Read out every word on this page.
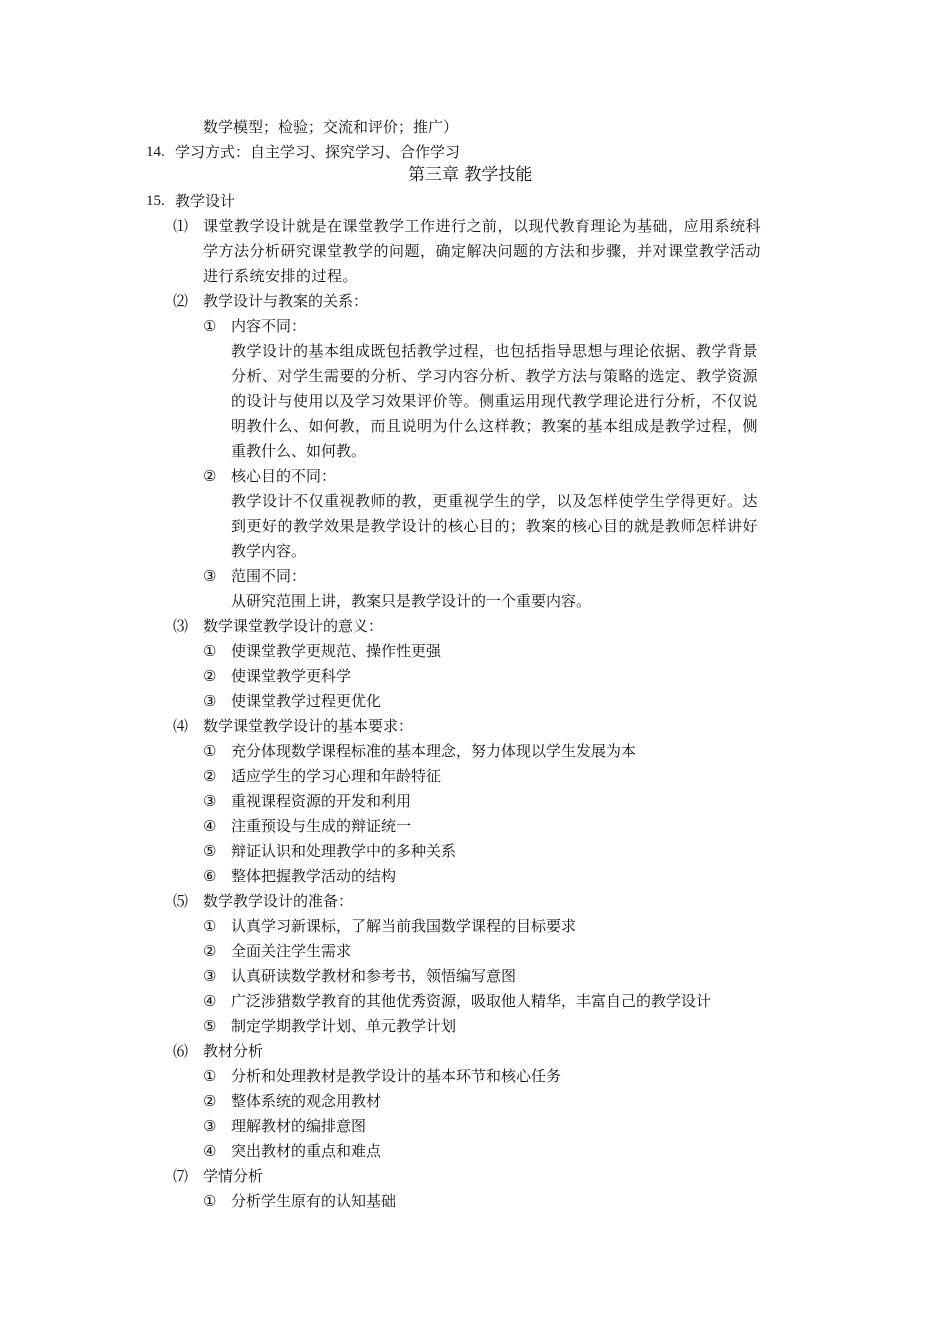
数学模型；检验；交流和评价；推广）
14. 学习方式：自主学习、探究学习、合作学习
第三章 教学技能
15. 教学设计
⑴ 课堂教学设计就是在课堂教学工作进行之前，以现代教育理论为基础，应用系统科
学方法分析研究课堂教学的问题，确定解决问题的方法和步骤，并对课堂教学活动
进行系统安排的过程。
⑵ 教学设计与教案的关系：
① 内容不同：
教学设计的基本组成既包括教学过程，也包括指导思想与理论依据、教学背景
分析、对学生需要的分析、学习内容分析、教学方法与策略的选定、教学资源
的设计与使用以及学习效果评价等。侧重运用现代教学理论进行分析，不仅说
明教什么、如何教，而且说明为什么这样教；教案的基本组成是教学过程，侧
重教什么、如何教。
② 核心目的不同：
教学设计不仅重视教师的教，更重视学生的学，以及怎样使学生学得更好。达
到更好的教学效果是教学设计的核心目的；教案的核心目的就是教师怎样讲好
教学内容。
③ 范围不同：
从研究范围上讲，教案只是教学设计的一个重要内容。
⑶ 数学课堂教学设计的意义：
① 使课堂教学更规范、操作性更强
② 使课堂教学更科学
③ 使课堂教学过程更优化
⑷ 数学课堂教学设计的基本要求：
① 充分体现数学课程标准的基本理念，努力体现以学生发展为本
② 适应学生的学习心理和年龄特征
③ 重视课程资源的开发和利用
④ 注重预设与生成的辩证统一
⑤ 辩证认识和处理教学中的多种关系
⑥ 整体把握教学活动的结构
⑸ 数学教学设计的准备：
① 认真学习新课标，了解当前我国数学课程的目标要求
② 全面关注学生需求
③ 认真研读数学教材和参考书，领悟编写意图
④ 广泛涉猎数学教育的其他优秀资源，吸取他人精华，丰富自己的教学设计
⑤ 制定学期教学计划、单元教学计划
⑹ 教材分析
① 分析和处理教材是教学设计的基本环节和核心任务
② 整体系统的观念用教材
③ 理解教材的编排意图
④ 突出教材的重点和难点
⑺ 学情分析
① 分析学生原有的认知基础
